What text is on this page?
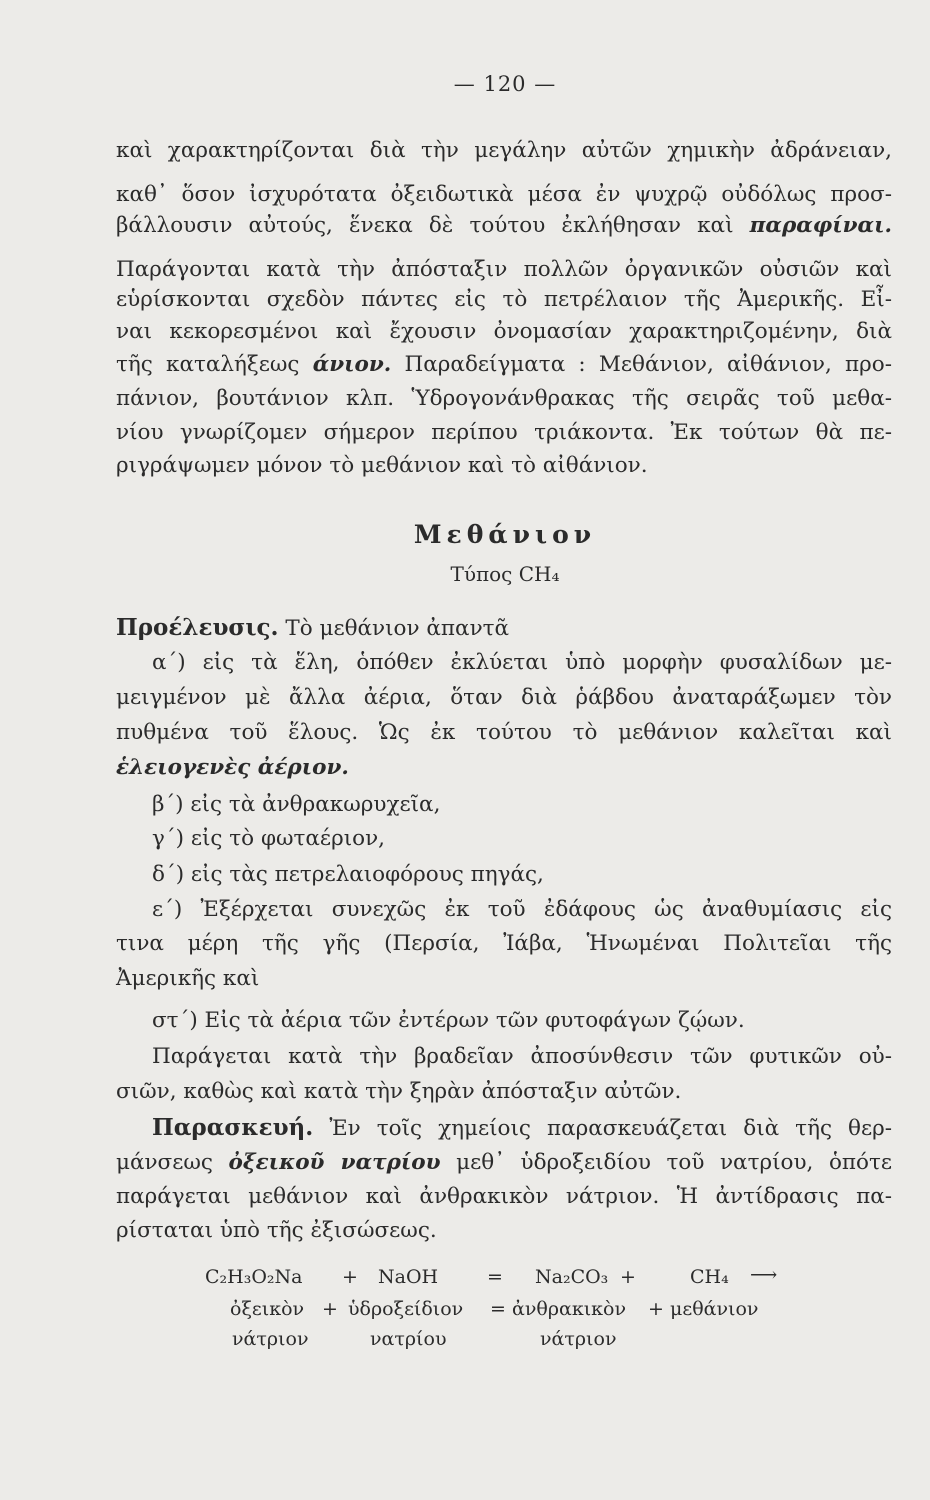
— 120 —
καὶ χαρακτηρίζονται διὰ τὴν μεγάλην αὐτῶν χημικὴν ἀδράνειαν,
καθ᾽ ὅσον ἰσχυρότατα ὀξειδωτικὰ μέσα ἐν ψυχρῷ οὐδόλως προσ-
βάλλουσιν αὐτούς, ἕνεκα δὲ τούτου ἐκλήθησαν καὶ παραφίναι.
Παράγονται κατὰ τὴν ἀπόσταξιν πολλῶν ὀργανικῶν οὐσιῶν καὶ
εὑρίσκονται σχεδὸν πάντες εἰς τὸ πετρέλαιον τῆς Ἀμερικῆς. Εἶ-
ναι κεκορεσμένοι καὶ ἔχουσιν ὀνομασίαν χαρακτηριζομένην, διὰ
τῆς καταλήξεως άνιον. Παραδείγματα : Μεθάνιον, αἰθάνιον, προ-
πάνιον, βουτάνιον κλπ. Ὑδρογονάνθρακας τῆς σειρᾶς τοῦ μεθα-
νίου γνωρίζομεν σήμερον περίπου τριάκοντα. Ἐκ τούτων θὰ πε-
ριγράψωμεν μόνον τὸ μεθάνιον καὶ τὸ αἰθάνιον.
Μεθάνιον
Τύπος CH₄
Προέλευσις. Τὸ μεθάνιον ἀπαντᾶ
α΄) εἰς τὰ ἕλη, ὁπόθεν ἐκλύεται ὑπὸ μορφὴν φυσαλίδων με-
μειγμένον μὲ ἄλλα ἀέρια, ὅταν διὰ ῥάβδου ἀναταράξωμεν τὸν
πυθμένα τοῦ ἕλους. Ὡς ἐκ τούτου τὸ μεθάνιον καλεῖται καὶ
ἑλειογενὲς ἀέριον.
β΄) εἰς τὰ ἀνθρακωρυχεῖα,
γ΄) εἰς τὸ φωταέριον,
δ΄) εἰς τὰς πετρελαιοφόρους πηγάς,
ε΄) Ἐξέρχεται συνεχῶς ἐκ τοῦ ἐδάφους ὡς ἀναθυμίασις εἰς
τινα μέρη τῆς γῆς (Περσία, Ἰάβα, Ἡνωμέναι Πολιτεῖαι τῆς
Ἀμερικῆς καὶ
στ΄) Εἰς τὰ ἀέρια τῶν ἐντέρων τῶν φυτοφάγων ζῴων.
Παράγεται κατὰ τὴν βραδεῖαν ἀποσύνθεσιν τῶν φυτικῶν οὐ-
σιῶν, καθὼς καὶ κατὰ τὴν ξηρὰν ἀπόσταξιν αὐτῶν.
Παρασκευή. Ἐν τοῖς χημείοις παρασκευάζεται διὰ τῆς θερ-
μάνσεως ὀξεικοῦ νατρίου μεθ᾽ ὑδροξειδίου τοῦ νατρίου, ὁπότε
παράγεται μεθάνιον καὶ ἀνθρακικὸν νάτριον. Ἡ ἀντίδρασις πα-
ρίσταται ὑπὸ τῆς ἐξισώσεως.
C₂H₃O₂Na + NaOH	= Na₂CO₃ +	CH₄ ⟶
ὀξεικὸν + ὑδροξείδιον = ἀνθρακικὸν + μεθάνιον
νάτριον	νατρίου	νάτριον
